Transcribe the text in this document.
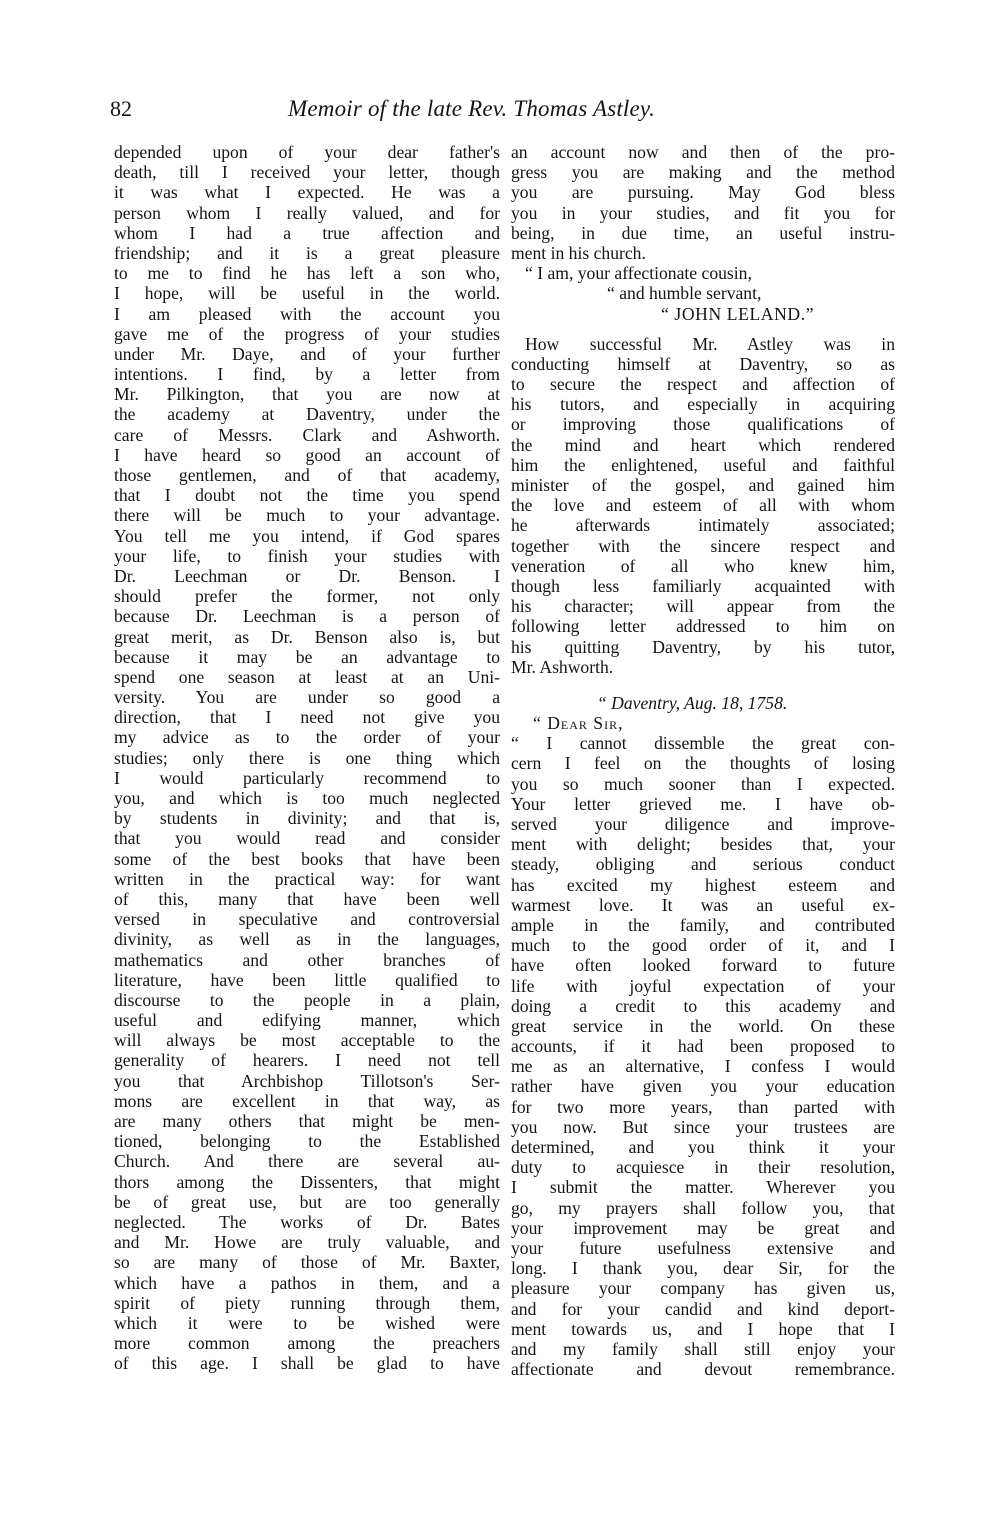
82	Memoir of the late Rev. Thomas Astley.
depended upon of your dear father's
death, till I received your letter, though
it was what I expected. He was a
person whom I really valued, and for
whom I had a true affection and
friendship; and it is a great pleasure
to me to find he has left a son who,
I hope, will be useful in the world.
I am pleased with the account you
gave me of the progress of your studies
under Mr. Daye, and of your further
intentions. I find, by a letter from
Mr. Pilkington, that you are now at
the academy at Daventry, under the
care of Messrs. Clark and Ashworth.
I have heard so good an account of
those gentlemen, and of that academy,
that I doubt not the time you spend
there will be much to your advantage.
You tell me you intend, if God spares
your life, to finish your studies with
Dr. Leechman or Dr. Benson. I
should prefer the former, not only
because Dr. Leechman is a person of
great merit, as Dr. Benson also is, but
because it may be an advantage to
spend one season at least at an Uni-
versity. You are under so good a
direction, that I need not give you
my advice as to the order of your
studies; only there is one thing which
I would particularly recommend to
you, and which is too much neglected
by students in divinity; and that is,
that you would read and consider
some of the best books that have been
written in the practical way: for want
of this, many that have been well
versed in speculative and controversial
divinity, as well as in the languages,
mathematics and other branches of
literature, have been little qualified to
discourse to the people in a plain,
useful and edifying manner, which
will always be most acceptable to the
generality of hearers. I need not tell
you that Archbishop Tillotson's Ser-
mons are excellent in that way, as
are many others that might be men-
tioned, belonging to the Established
Church. And there are several au-
thors among the Dissenters, that might
be of great use, but are too generally
neglected. The works of Dr. Bates
and Mr. Howe are truly valuable, and
so are many of those of Mr. Baxter,
which have a pathos in them, and a
spirit of piety running through them,
which it were to be wished were
more common among the preachers
of this age. I shall be glad to have
an account now and then of the pro-
gress you are making and the method
you are pursuing. May God bless
you in your studies, and fit you for
being, in due time, an useful instru-
ment in his church.
“ I am, your affectionate cousin,
“ and humble servant,
“ JOHN LELAND.”
How successful Mr. Astley was in
conducting himself at Daventry, so as
to secure the respect and affection of
his tutors, and especially in acquiring
or improving those qualifications of
the mind and heart which rendered
him the enlightened, useful and faithful
minister of the gospel, and gained him
the love and esteem of all with whom
he afterwards intimately associated;
together with the sincere respect and
veneration of all who knew him,
though less familiarly acquainted with
his character; will appear from the
following letter addressed to him on
his quitting Daventry, by his tutor,
Mr. Ashworth.
“ Daventry, Aug. 18, 1758.
“ Dear Sir,
“ I cannot dissemble the great con-
cern I feel on the thoughts of losing
you so much sooner than I expected.
Your letter grieved me. I have ob-
served your diligence and improve-
ment with delight; besides that, your
steady, obliging and serious conduct
has excited my highest esteem and
warmest love. It was an useful ex-
ample in the family, and contributed
much to the good order of it, and I
have often looked forward to future
life with joyful expectation of your
doing a credit to this academy and
great service in the world. On these
accounts, if it had been proposed to
me as an alternative, I confess I would
rather have given you your education
for two more years, than parted with
you now. But since your trustees are
determined, and you think it your
duty to acquiesce in their resolution,
I submit the matter. Wherever you
go, my prayers shall follow you, that
your improvement may be great and
your future usefulness extensive and
long. I thank you, dear Sir, for the
pleasure your company has given us,
and for your candid and kind deport-
ment towards us, and I hope that I
and my family shall still enjoy your
affectionate and devout remembrance.
